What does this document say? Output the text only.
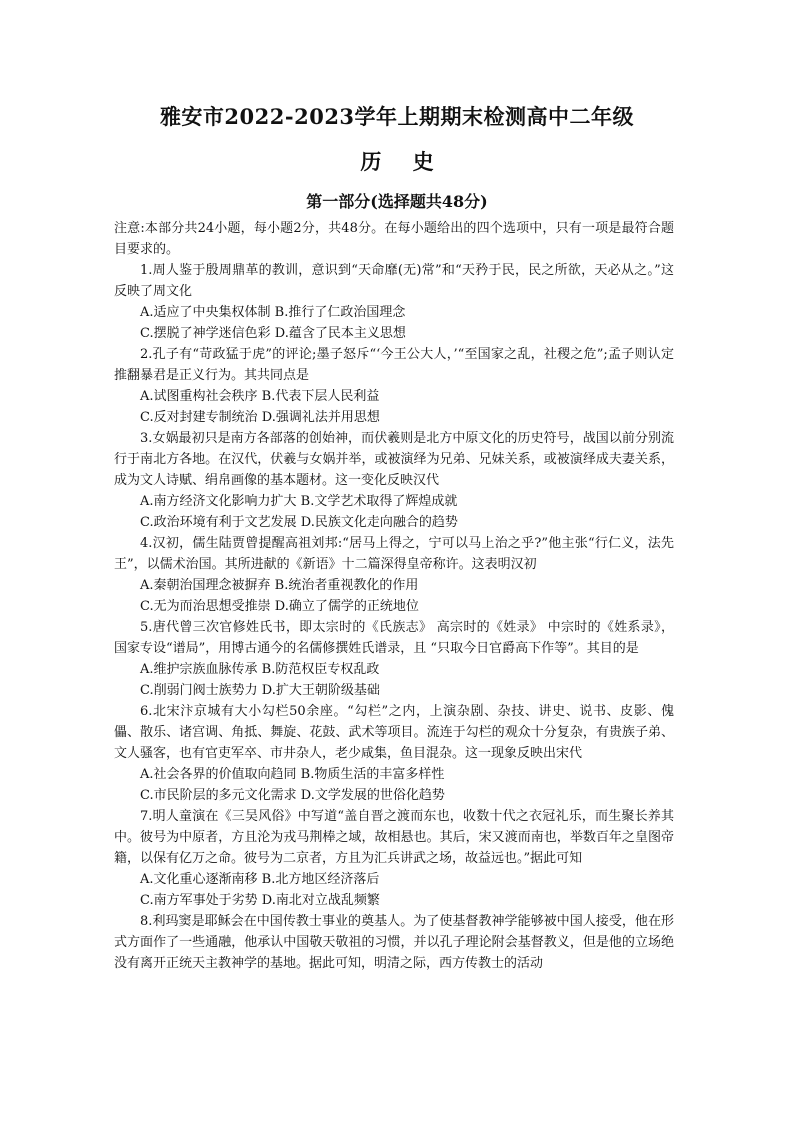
雅安市2022-2023学年上期期末检测高中二年级
历 史
第一部分(选择题共48分)

注意:本部分共24小题，每小题2分，共48分。在每小题给出的四个选项中，只有一项是最符合题目要求的。

1.周人鉴于殷周鼎革的教训，意识到“天命靡(无)常”和“天矜于民，民之所欲，天必从之。”这反映了周文化

A.适应了中央集权体制 B.推行了仁政治国理念

C.摆脱了神学迷信色彩 D.蕴含了民本主义思想

2.孔子有“苛政猛于虎”的评论;墨子怒斥“‘今王公大人，’“至国家之乱，社稷之危”;孟子则认定推翻暴君是正义行为。其共同点是

A.试图重构社会秩序 B.代表下层人民利益

C.反对封建专制统治 D.强调礼法并用思想

3.女娲最初只是南方各部落的创始神，而伏羲则是北方中原文化的历史符号，战国以前分别流行于南北方各地。在汉代，伏羲与女娲并举，或被演绎为兄弟、兄妹关系，或被演绎成夫妻关系，成为文人诗赋、绢帛画像的基本题材。这一变化反映汉代

A.南方经济文化影响力扩大 B.文学艺术取得了辉煌成就

C.政治环境有利于文艺发展 D.民族文化走向融合的趋势

4.汉初，儒生陆贾曾提醒高祖刘邦:“居马上得之，宁可以马上治之乎?”他主张“行仁义，法先王”，以儒术治国。其所进献的《新语》十二篇深得皇帝称许。这表明汉初

A.秦朝治国理念被摒弃 B.统治者重视教化的作用

C.无为而治思想受推崇 D.确立了儒学的正统地位

5.唐代曾三次官修姓氏书，即太宗时的《氏族志》 高宗时的《姓录》 中宗时的《姓系录》，国家专设“谱局”，用博古通今的名儒修撰姓氏谱录，且 “只取今日官爵高下作等”。其目的是

A.维护宗族血脉传承 B.防范权臣专权乱政

C.削弱门阀士族势力 D.扩大王朝阶级基础

6.北宋汴京城有大小勾栏50余座。“勾栏”之内，上演杂剧、杂技、讲史、说书、皮影、傀儡、散乐、诸宫调、角抵、舞旋、花鼓、武术等项目。流连于勾栏的观众十分复杂，有贵族子弟、文人骚客，也有官吏军卒、市井杂人，老少咸集，鱼目混杂。这一现象反映出宋代

A.社会各界的价值取向趋同 B.物质生活的丰富多样性

C.市民阶层的多元文化需求 D.文学发展的世俗化趋势

7.明人童演在《三吴风俗》中写道“盖自晋之渡而东也，收数十代之衣冠礼乐，而生聚长养其中。彼号为中原者，方且沦为戎马荆棒之域，故相悬也。其后，宋又渡而南也，举数百年之皇图帝籍，以保有亿万之命。彼号为二京者，方且为汇兵讲武之场，故益远也。”据此可知

A.文化重心逐渐南移 B.北方地区经济落后

C.南方军事处于劣势 D.南北对立战乱频繁

8.利玛窦是耶稣会在中国传教士事业的奠基人。为了使基督教神学能够被中国人接受，他在形式方面作了一些通融，他承认中国敬天敬祖的习惯，并以孔子理论附会基督教义，但是他的立场绝没有离开正统天主教神学的基地。据此可知，明清之际，西方传教士的活动
